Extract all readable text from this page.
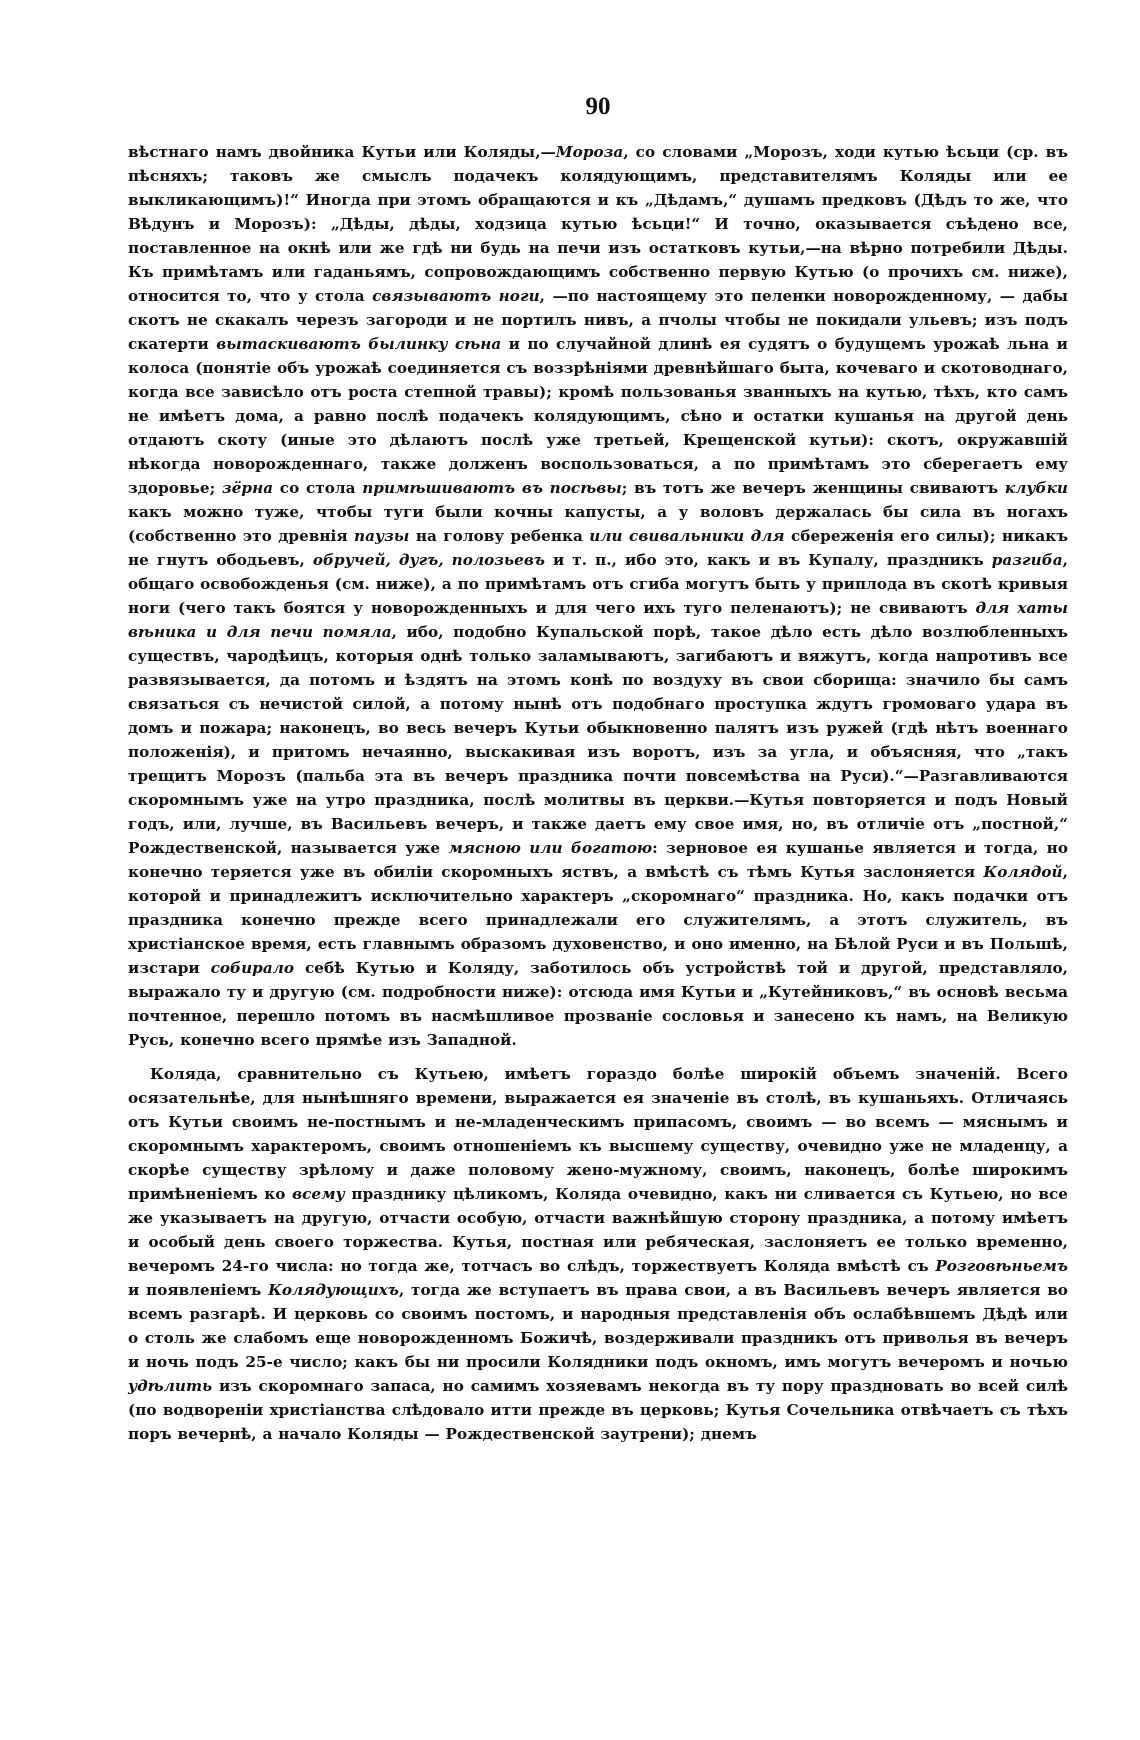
90

вѣстнаго намъ двойника Кутьи или Коляды,—Мороза, со словами „Морозъ, ходи кутью ѣсьци (ср. въ пѣсняхъ; таковъ же смыслъ подачекъ колядующимъ, представителямъ Коляды или ее выкликающимъ)!“ Иногда при этомъ обращаются и къ „Дѣдамъ,“ душамъ предковъ (Дѣдъ то же, что Вѣдунъ и Морозъ): „Дѣды, дѣды, ходзица кутью ѣсьци!“ И точно, оказывается съѣдено все, поставленное на окнѣ или же гдѣ ни будь на печи изъ остатковъ кутьи,—на вѣрно потребили Дѣды. Къ примѣтамъ или гаданьямъ, сопровождающимъ собственно первую Кутью (о прочихъ см. ниже), относится то, что у стола связываютъ ноги, —по настоящему это пеленки новорожденному, — дабы скотъ не скакалъ черезъ загороди и не портилъ нивъ, а пчолы чтобы не покидали ульевъ; изъ подъ скатерти вытаскиваютъ былинку сѣна и по случайной длинѣ ея судятъ о будущемъ урожаѣ льна и колоса (понятіе объ урожаѣ соединяется съ воззрѣніями древнѣйшаго быта, кочеваго и скотоводнаго, когда все зависѣло отъ роста степной травы); кромѣ пользованья званныхъ на кутью, тѣхъ, кто самъ не имѣетъ дома, а равно послѣ подачекъ колядующимъ, сѣно и остатки кушанья на другой день отдаютъ скоту (иные это дѣлаютъ послѣ уже третьей, Крещенской кутьи): скотъ, окружавшій нѣкогда новорожденнаго, также долженъ воспользоваться, а по примѣтамъ это сберегаетъ ему здоровье; зёрна со стола примѣшиваютъ въ посѣвы; въ тотъ же вечеръ женщины свиваютъ клубки какъ можно туже, чтобы туги были кочны капусты, а у воловъ держалась бы сила въ ногахъ (собственно это древнія паузы на голову ребенка или свивальники для сбереженія его силы); никакъ не гнутъ ободьевъ, обручей, дугъ, полозьевъ и т. п., ибо это, какъ и въ Купалу, праздникъ разгиба, общаго освобожденья (см. ниже), а по примѣтамъ отъ сгиба могутъ быть у приплода въ скотѣ кривыя ноги (чего такъ боятся у новорожденныхъ и для чего ихъ туго пеленаютъ); не свиваютъ для хаты вѣника и для печи помяла, ибо, подобно Купальской порѣ, такое дѣло есть дѣло возлюбленныхъ существъ, чародѣицъ, которыя однѣ только заламываютъ, загибаютъ и вяжутъ, когда напротивъ все развязывается, да потомъ и ѣздятъ на этомъ конѣ по воздуху въ свои сборища: значило бы самъ связаться съ нечистой силой, а потому нынѣ отъ подобнаго проступка ждутъ громоваго удара въ домъ и пожара; наконецъ, во весь вечеръ Кутьи обыкновенно палятъ изъ ружей (гдѣ нѣтъ военнаго положенія), и притомъ нечаянно, выскакивая изъ воротъ, изъ за угла, и объясняя, что „такъ трещитъ Морозъ (пальба эта въ вечеръ праздника почти повсемѣства на Руси).“—Разгавливаются скоромнымъ уже на утро праздника, послѣ молитвы въ церкви.—Кутья повторяется и подъ Новый годъ, или, лучше, въ Васильевъ вечеръ, и также даетъ ему свое имя, но, въ отличіе отъ „постной,“ Рождественской, называется уже мясною или богатою: зерновое ея кушанье является и тогда, но конечно теряется уже въ обиліи скоромныхъ яствъ, а вмѣстѣ съ тѣмъ Кутья заслоняется Колядой, которой и принадлежитъ исключительно характеръ „скоромнаго“ праздника. Но, какъ подачки отъ праздника конечно прежде всего принадлежали его служителямъ, а этотъ служитель, въ христіанское время, есть главнымъ образомъ духовенство, и оно именно, на Бѣлой Руси и въ Польшѣ, изстари собирало себѣ Кутью и Коляду, заботилось объ устройствѣ той и другой, представляло, выражало ту и другую (см. подробности ниже): отсюда имя Кутьи и „Кутейниковъ,“ въ основѣ весьма почтенное, перешло потомъ въ насмѣшливое прозваніе сословья и занесено къ намъ, на Великую Русь, конечно всего прямѣе изъ Западной.

Коляда, сравнительно съ Кутьею, имѣетъ гораздо болѣе широкій объемъ значеній. Всего осязательнѣе, для нынѣшняго времени, выражается ея значеніе въ столѣ, въ кушаньяхъ. Отличаясь отъ Кутьи своимъ не-постнымъ и не-младенческимъ припасомъ, своимъ — во всемъ — мяснымъ и скоромнымъ характеромъ, своимъ отношеніемъ къ высшему существу, очевидно уже не младенцу, а скорѣе существу зрѣлому и даже половому жено-мужному, своимъ, наконецъ, болѣе широкимъ примѣненіемъ ко всему празднику цѣликомъ, Коляда очевидно, какъ ни сливается съ Кутьею, но все же указываетъ на другую, отчасти особую, отчасти важнѣйшую сторону праздника, а потому имѣетъ и особый день своего торжества. Кутья, постная или ребяческая, заслоняетъ ее только временно, вечеромъ 24-го числа: но тогда же, тотчасъ во слѣдъ, торжествуетъ Коляда вмѣстѣ съ Розговѣньемъ и появленіемъ Колядующихъ, тогда же вступаетъ въ права свои, а въ Васильевъ вечеръ является во всемъ разгарѣ. И церковь со своимъ постомъ, и народныя представленія объ ослабѣвшемъ Дѣдѣ или о столь же слабомъ еще новорожденномъ Божичѣ, воздерживали праздникъ отъ приволья въ вечеръ и ночь подъ 25-е число; какъ бы ни просили Колядники подъ окномъ, имъ могутъ вечеромъ и ночью удѣлить изъ скоромнаго запаса, но самимъ хозяевамъ некогда въ ту пору праздновать во всей силѣ (по водвореніи христіанства слѣдовало итти прежде въ церковь; Кутья Сочельника отвѣчаетъ съ тѣхъ поръ вечернѣ, а начало Коляды — Рождественской заутрени); днемъ
